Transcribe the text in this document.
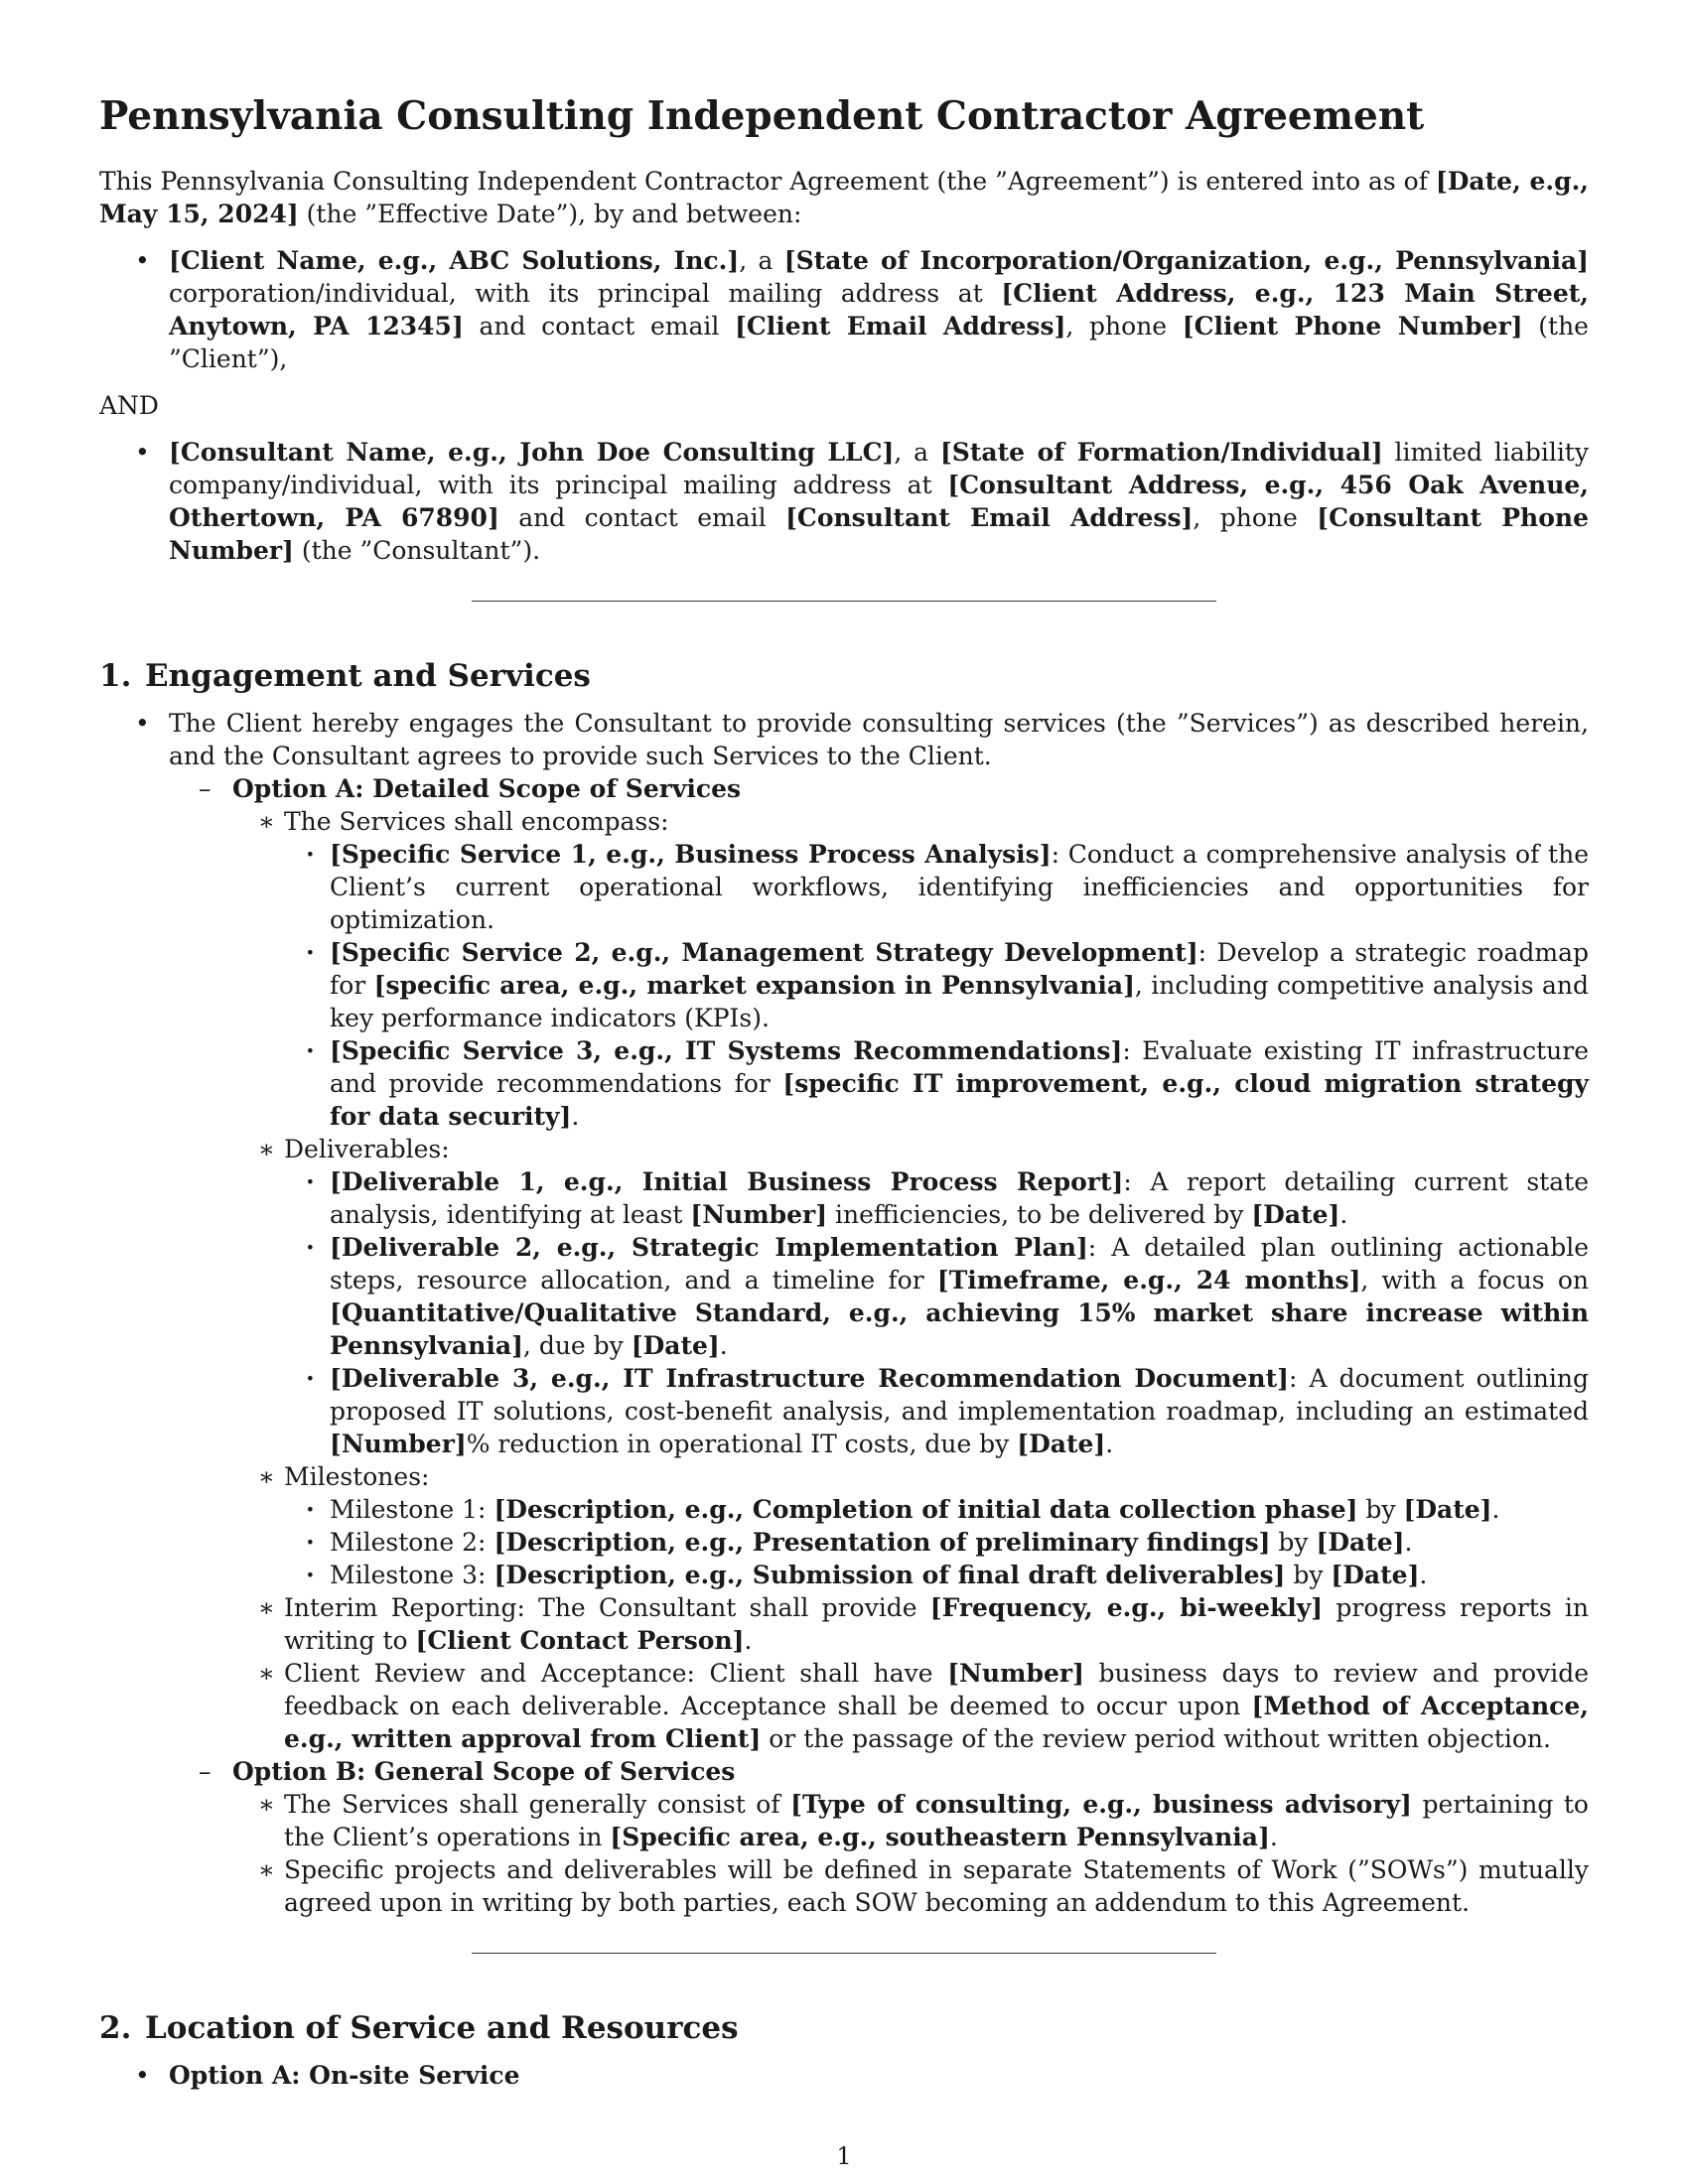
Pennsylvania Consulting Independent Contractor Agreement

This Pennsylvania Consulting Independent Contractor Agreement (the ”Agreement”) is entered into as of [Date, e.g., May 15, 2024] (the ”Effective Date”), by and between:

• [Client Name, e.g., ABC Solutions, Inc.], a [State of Incorporation/Organization, e.g., Pennsylvania] corporation/individual, with its principal mailing address at [Client Address, e.g., 123 Main Street, Anytown, PA 12345] and contact email [Client Email Address], phone [Client Phone Number] (the ”Client”),

AND

• [Consultant Name, e.g., John Doe Consulting LLC], a [State of Formation/Individual] limited liability company/individual, with its principal mailing address at [Consultant Address, e.g., 456 Oak Avenue, Othertown, PA 67890] and contact email [Consultant Email Address], phone [Consultant Phone Number] (the ”Consultant”).
1. Engagement and Services
• The Client hereby engages the Consultant to provide consulting services (the ”Services”) as described herein, and the Consultant agrees to provide such Services to the Client.
– Option A: Detailed Scope of Services
∗ The Services shall encompass:
· [Specific Service 1, e.g., Business Process Analysis]: Conduct a comprehensive analysis of the Client’s current operational workflows, identifying inefficiencies and opportunities for optimization.
· [Specific Service 2, e.g., Management Strategy Development]: Develop a strategic roadmap for [specific area, e.g., market expansion in Pennsylvania], including competitive analysis and key performance indicators (KPIs).
· [Specific Service 3, e.g., IT Systems Recommendations]: Evaluate existing IT infrastructure and provide recommendations for [specific IT improvement, e.g., cloud migration strategy for data security].
∗ Deliverables:
· [Deliverable 1, e.g., Initial Business Process Report]: A report detailing current state analysis, identifying at least [Number] inefficiencies, to be delivered by [Date].
· [Deliverable 2, e.g., Strategic Implementation Plan]: A detailed plan outlining actionable steps, resource allocation, and a timeline for [Timeframe, e.g., 24 months], with a focus on [Quantitative/Qualitative Standard, e.g., achieving 15% market share increase within Pennsylvania], due by [Date].
· [Deliverable 3, e.g., IT Infrastructure Recommendation Document]: A document outlining proposed IT solutions, cost-benefit analysis, and implementation roadmap, including an estimated [Number]% reduction in operational IT costs, due by [Date].
∗ Milestones:
· Milestone 1: [Description, e.g., Completion of initial data collection phase] by [Date].
· Milestone 2: [Description, e.g., Presentation of preliminary findings] by [Date].
· Milestone 3: [Description, e.g., Submission of final draft deliverables] by [Date].
∗ Interim Reporting: The Consultant shall provide [Frequency, e.g., bi-weekly] progress reports in writing to [Client Contact Person].
∗ Client Review and Acceptance: Client shall have [Number] business days to review and provide feedback on each deliverable. Acceptance shall be deemed to occur upon [Method of Acceptance, e.g., written approval from Client] or the passage of the review period without written objection.
– Option B: General Scope of Services
∗ The Services shall generally consist of [Type of consulting, e.g., business advisory] pertaining to the Client’s operations in [Specific area, e.g., southeastern Pennsylvania].
∗ Specific projects and deliverables will be defined in separate Statements of Work (”SOWs”) mutually agreed upon in writing by both parties, each SOW becoming an addendum to this Agreement.
2. Location of Service and Resources
• Option A: On-site Service
1
